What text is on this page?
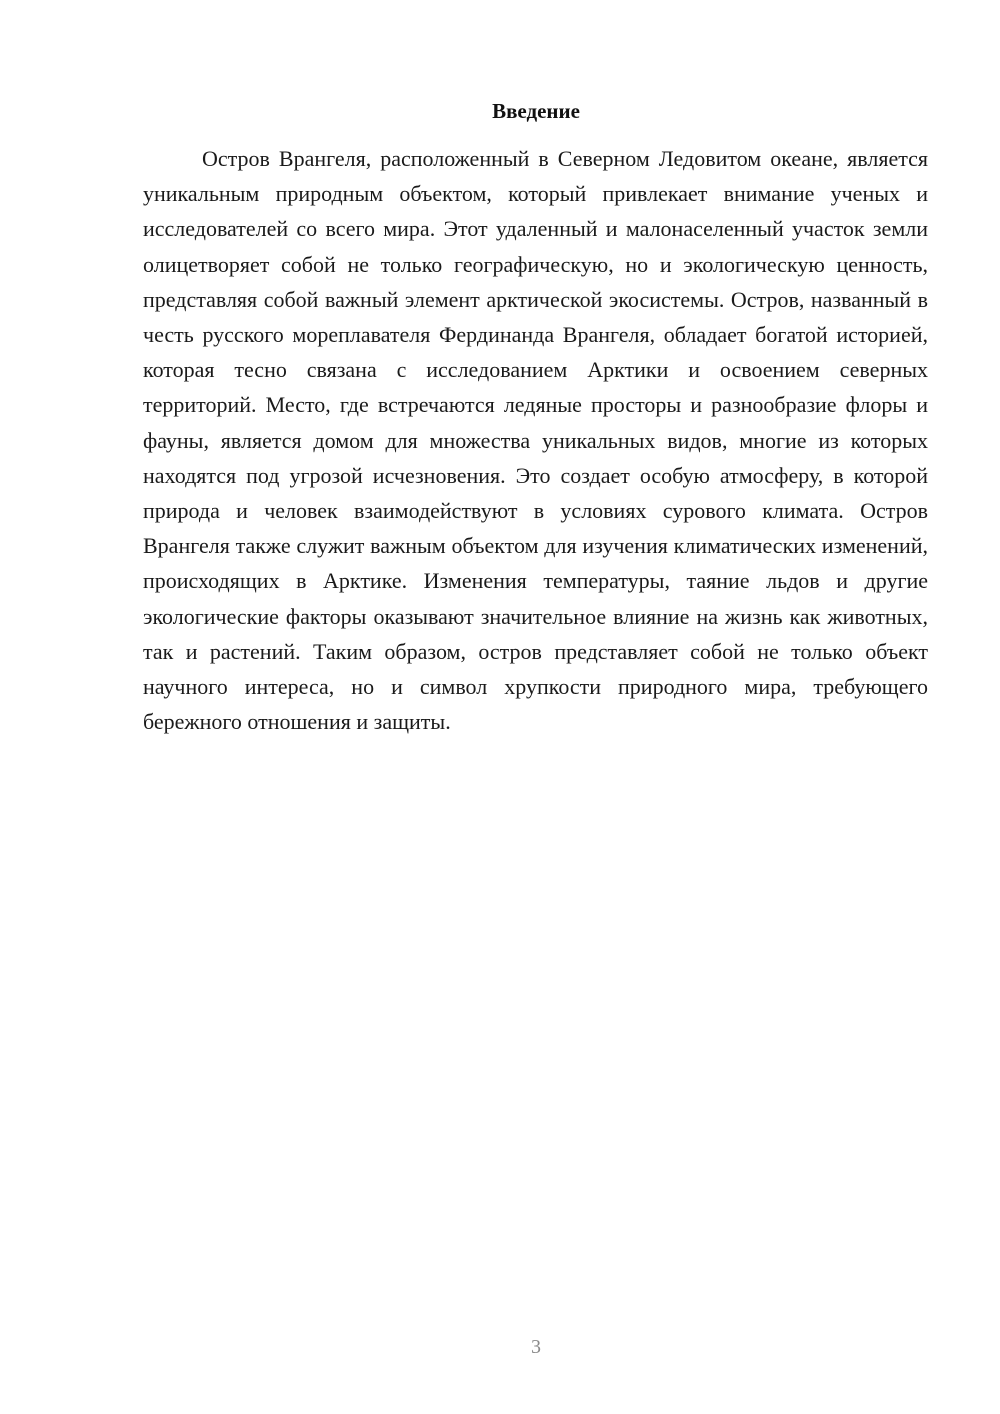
Введение

Остров Врангеля, расположенный в Северном Ледовитом океане, является уникальным природным объектом, который привлекает внимание ученых и исследователей со всего мира. Этот удаленный и малонаселенный участок земли олицетворяет собой не только географическую, но и экологическую ценность, представляя собой важный элемент арктической экосистемы. Остров, названный в честь русского мореплавателя Фердинанда Врангеля, обладает богатой историей, которая тесно связана с исследованием Арктики и освоением северных территорий. Место, где встречаются ледяные просторы и разнообразие флоры и фауны, является домом для множества уникальных видов, многие из которых находятся под угрозой исчезновения. Это создает особую атмосферу, в которой природа и человек взаимодействуют в условиях сурового климата. Остров Врангеля также служит важным объектом для изучения климатических изменений, происходящих в Арктике. Изменения температуры, таяние льдов и другие экологические факторы оказывают значительное влияние на жизнь как животных, так и растений. Таким образом, остров представляет собой не только объект научного интереса, но и символ хрупкости природного мира, требующего бережного отношения и защиты.

3
